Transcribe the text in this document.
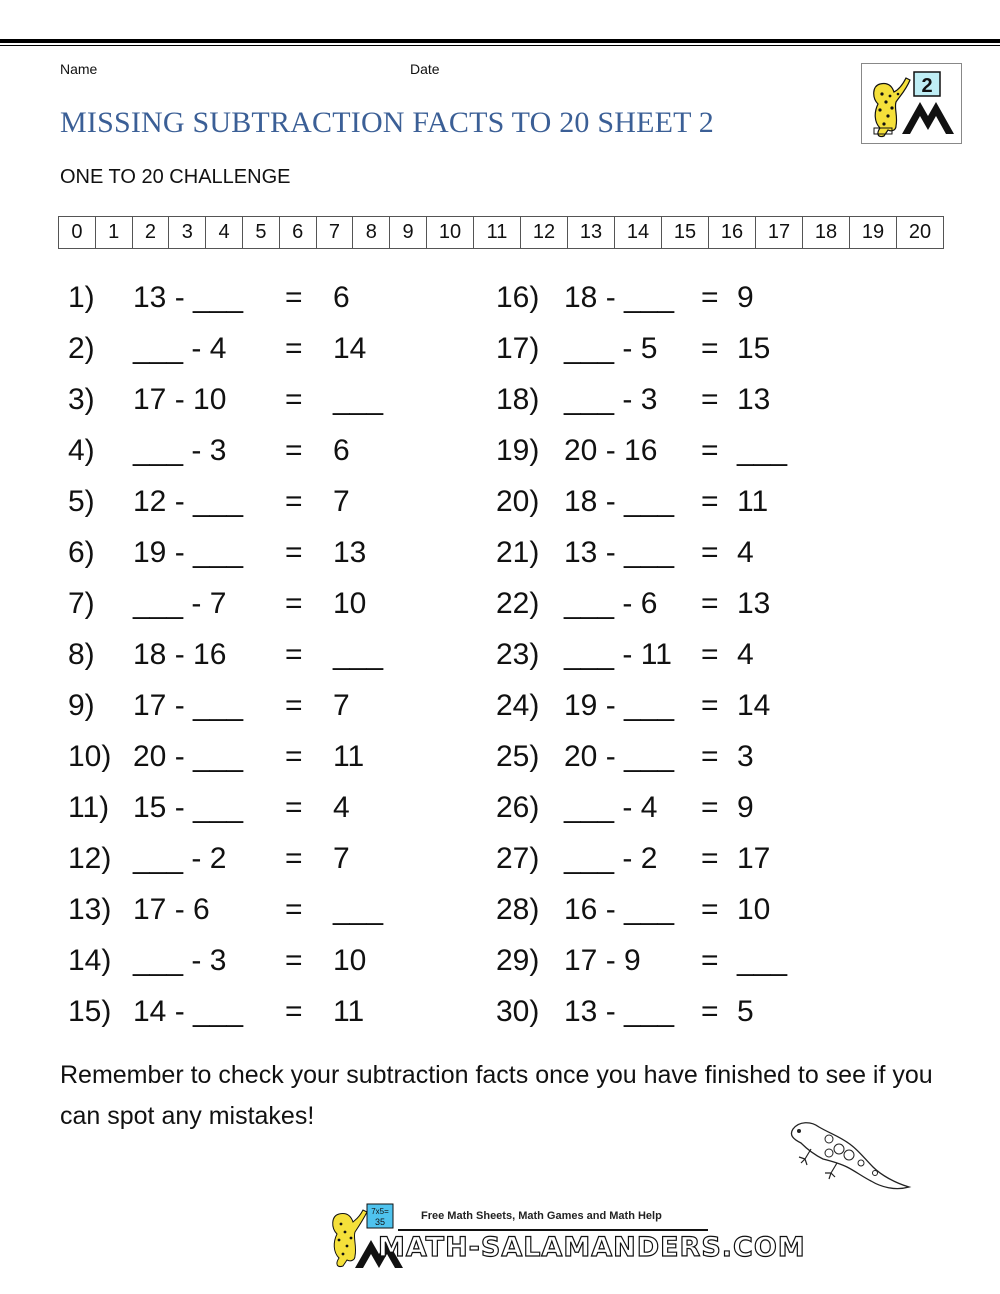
Name	Date
MISSING SUBTRACTION FACTS TO 20 SHEET 2
ONE TO 20 CHALLENGE
2
0	1	2	3	4	5	6	7	8	9	10	11	12	13	14	15	16	17	18	19	20
1) 13 - ___ = 6
2) ___ - 4 = 14
3) 17 - 10 = ___
4) ___ - 3 = 6
5) 12 - ___ = 7
6) 19 - ___ = 13
7) ___ - 7 = 10
8) 18 - 16 = ___
9) 17 - ___ = 7
10) 20 - ___ = 11
11) 15 - ___ = 4
12) ___ - 2 = 7
13) 17 - 6	= ___
14) ___ - 3 = 10
15) 14 - ___ = 11
16) 18 - ___ = 9
17) ___ - 5 = 15
18) ___ - 3 = 13
19) 20 - 16 = ___
20) 18 - ___ = 11
21) 13 - ___ = 4
22) ___ - 6 = 13
23) ___ - 11 = 4
24) 19 - ___ = 14
25) 20 - ___ = 3
26) ___ - 4 = 9
27) ___ - 2 = 17
28) 16 - ___ = 10
29) 17 - 9 = ___
30) 13 - ___ = 5
Remember to check your subtraction facts once you have finished to see if you can spot any mistakes!
7x5=
35	Free Math Sheets, Math Games and Math Help
MATH-SALAMANDERS.COM
